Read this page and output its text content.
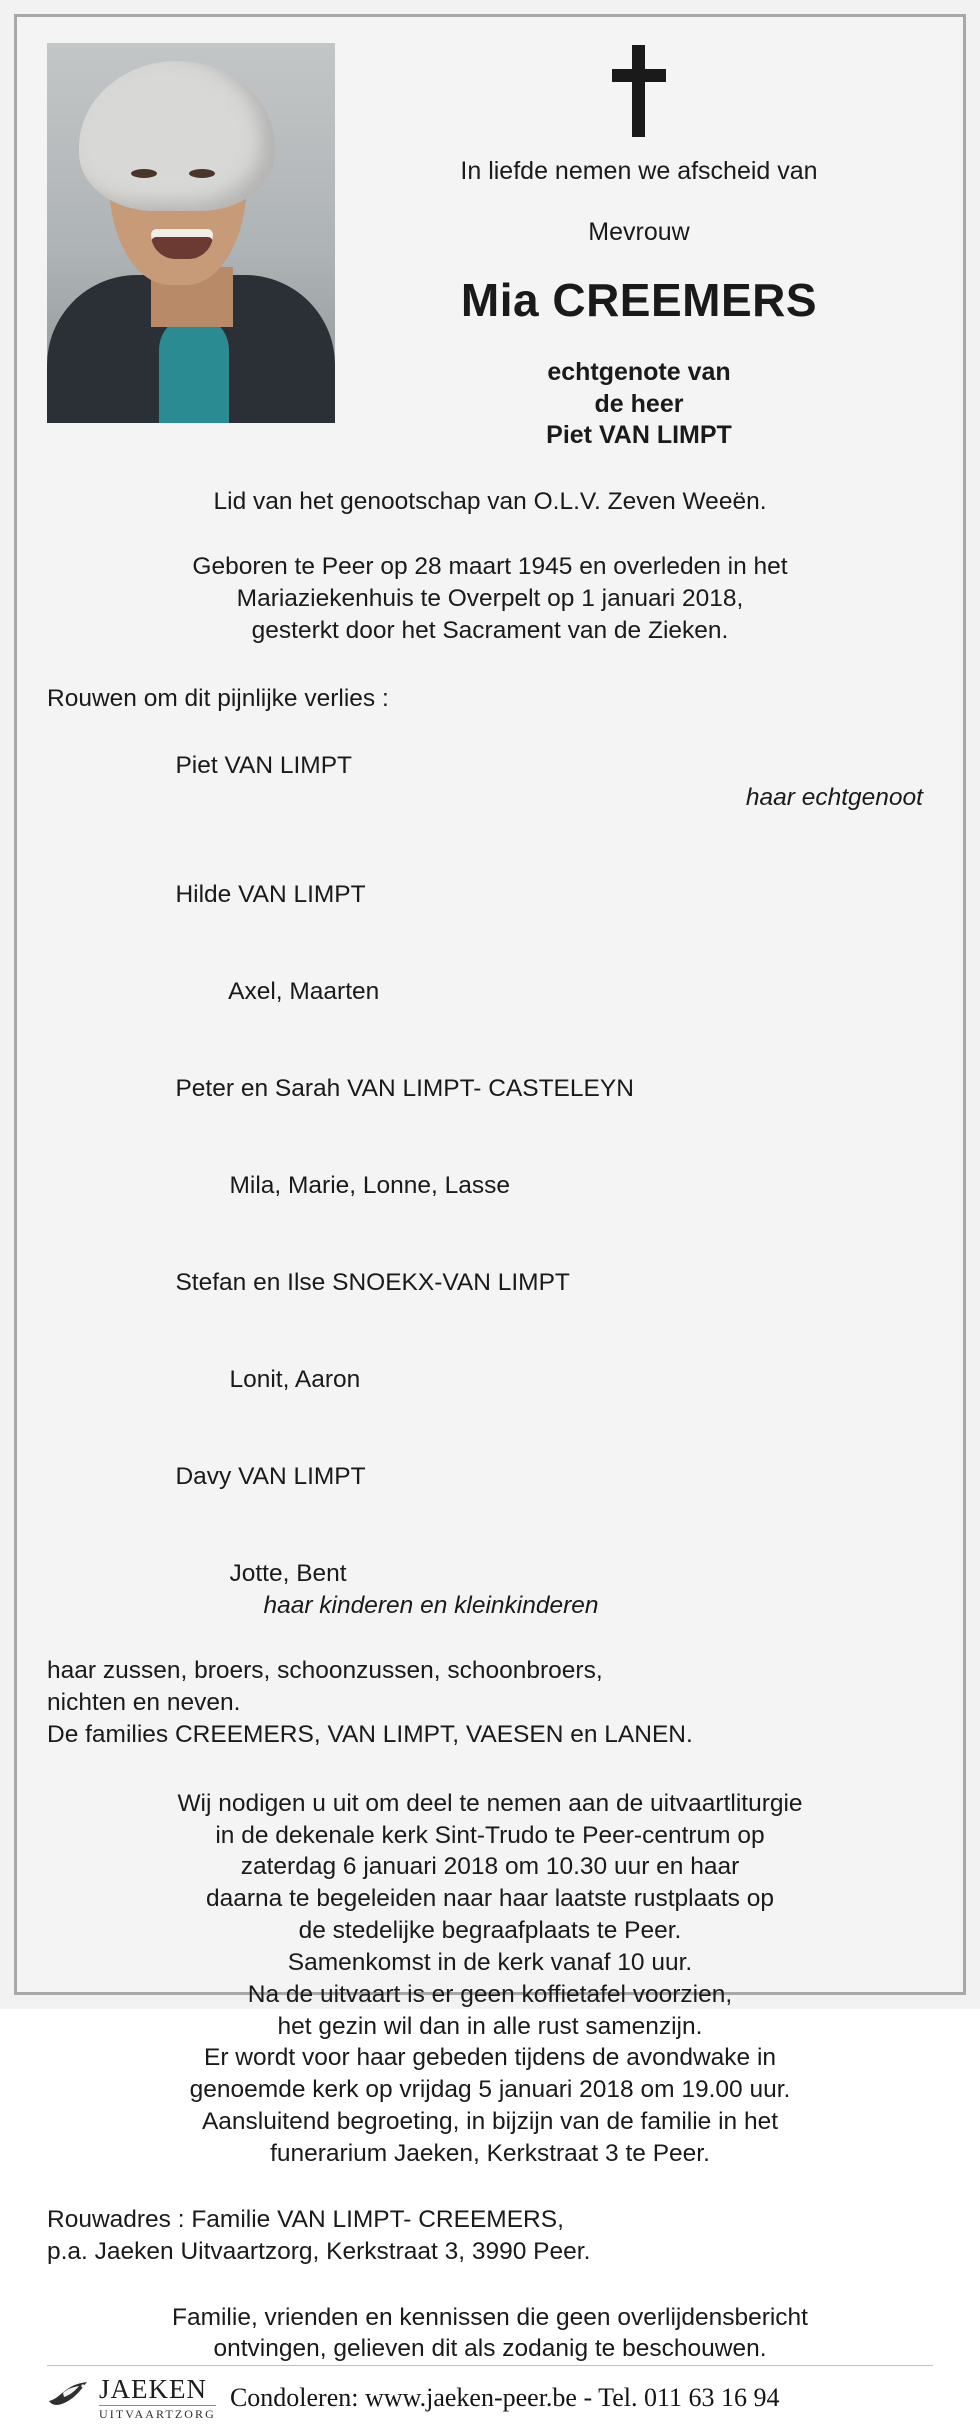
In liefde nemen we afscheid van
Mevrouw
Mia CREEMERS
echtgenote van
de heer
Piet VAN LIMPT
Lid van het genootschap van O.L.V. Zeven Weeën.
Geboren te Peer op 28 maart 1945 en overleden in het
Mariaziekenhuis te Overpelt op 1 januari 2018,
gesterkt door het Sacrament van de Zieken.
Rouwen om dit pijnlijke verlies :

Piet VAN LIMPT

haar echtgenoot

Hilde VAN LIMPT

Axel, Maarten

Peter en Sarah VAN LIMPT- CASTELEYN

Mila, Marie, Lonne, Lasse

Stefan en Ilse SNOEKX-VAN LIMPT

Lonit, Aaron

Davy VAN LIMPT

Jotte, Bent
haar kinderen en kleinkinderen

haar zussen, broers, schoonzussen, schoonbroers,
nichten en neven.
De families CREEMERS, VAN LIMPT, VAESEN en LANEN.
Wij nodigen u uit om deel te nemen aan de uitvaartliturgie
in de dekenale kerk Sint-Trudo te Peer-centrum op
zaterdag 6 januari 2018 om 10.30 uur en haar
daarna te begeleiden naar haar laatste rustplaats op
de stedelijke begraafplaats te Peer.
Samenkomst in de kerk vanaf 10 uur.
Na de uitvaart is er geen koffietafel voorzien,
het gezin wil dan in alle rust samenzijn.
Er wordt voor haar gebeden tijdens de avondwake in
genoemde kerk op vrijdag 5 januari 2018 om 19.00 uur.
Aansluitend begroeting, in bijzijn van de familie in het
funerarium Jaeken, Kerkstraat 3 te Peer.
Rouwadres : Familie VAN LIMPT- CREEMERS,
p.a. Jaeken Uitvaartzorg, Kerkstraat 3, 3990 Peer.
Familie, vrienden en kennissen die geen overlijdensbericht
ontvingen, gelieven dit als zodanig te beschouwen.
JAEKEN
UITVAARTZORG
Condoleren: www.jaeken-peer.be - Tel. 011 63 16 94
